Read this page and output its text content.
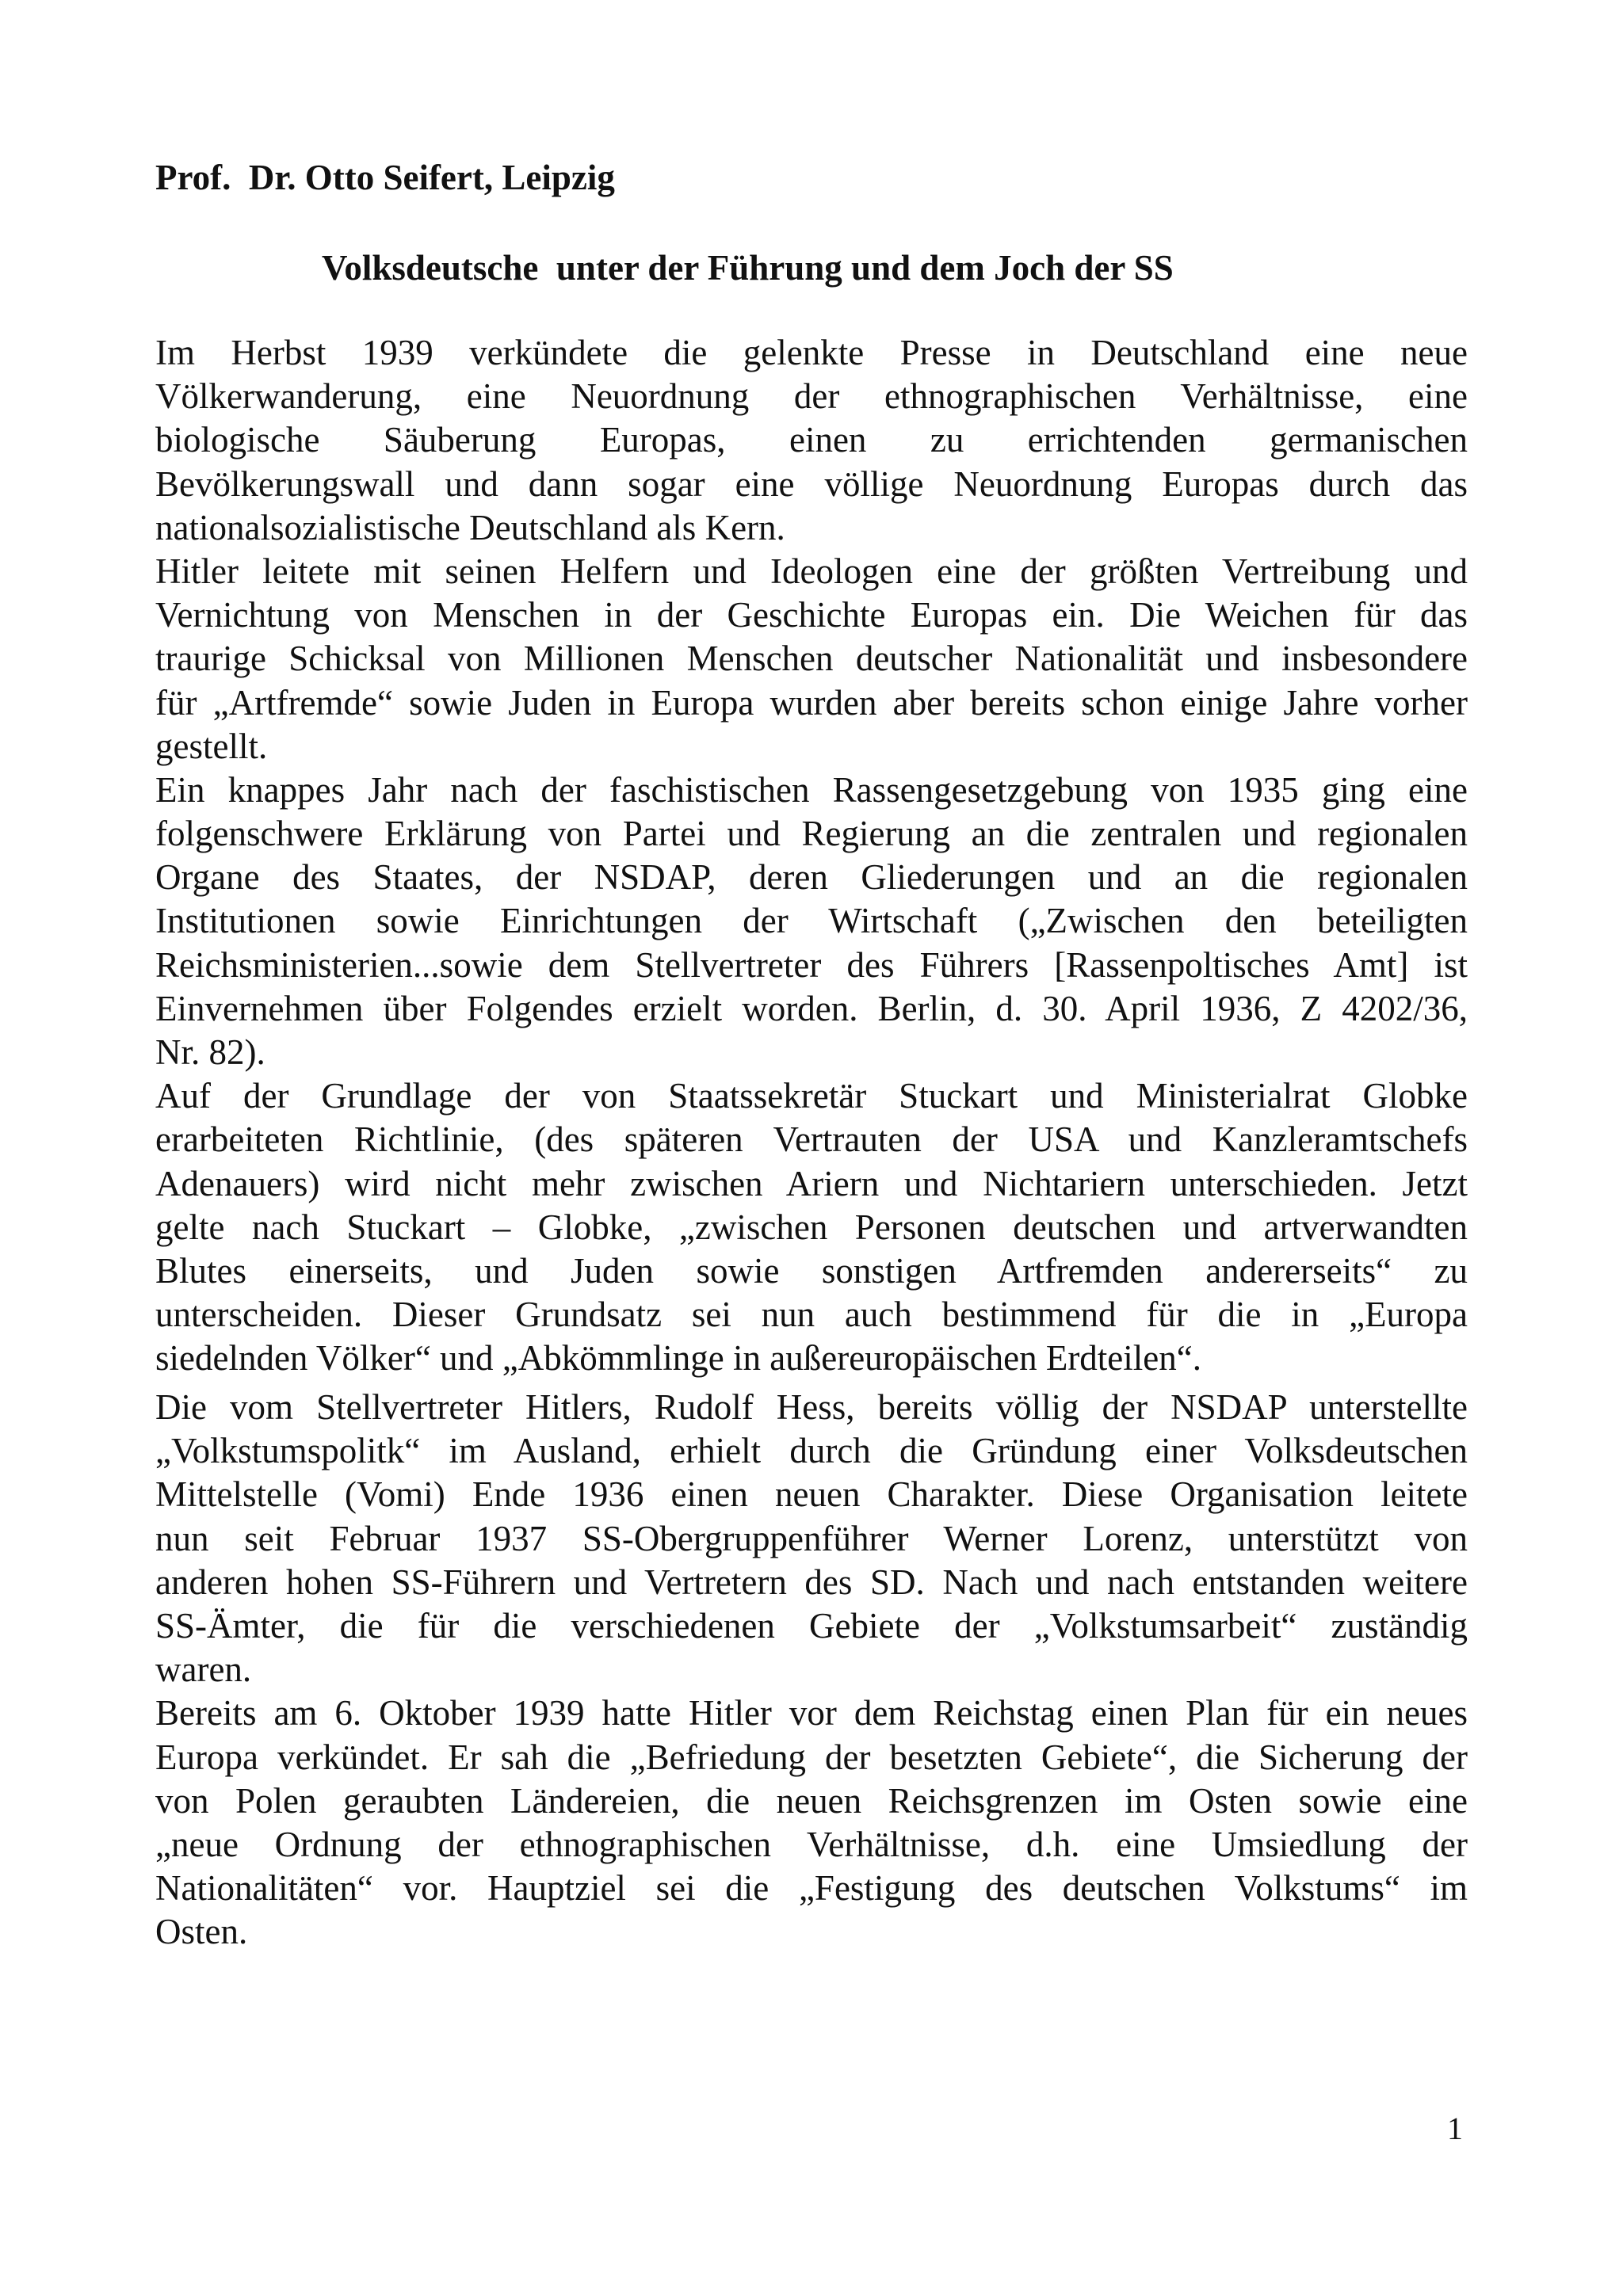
Prof.  Dr. Otto Seifert, Leipzig

Volksdeutsche  unter der Führung und dem Joch der SS

Im Herbst 1939 verkündete die gelenkte Presse in Deutschland eine neue
Völkerwanderung, eine Neuordnung der ethnographischen Verhältnisse, eine
biologische Säuberung Europas, einen zu errichtenden germanischen
Bevölkerungswall und dann sogar eine völlige Neuordnung Europas durch das
nationalsozialistische Deutschland als Kern.
Hitler leitete mit seinen Helfern und Ideologen eine der größten Vertreibung und
Vernichtung von Menschen in der Geschichte Europas ein. Die Weichen für das
traurige Schicksal von Millionen Menschen deutscher Nationalität und insbesondere
für „Artfremde“ sowie Juden in Europa wurden aber bereits schon einige Jahre vorher
gestellt.
Ein knappes Jahr nach der faschistischen Rassengesetzgebung von 1935 ging eine
folgenschwere Erklärung von Partei und Regierung an die zentralen und regionalen
Organe des Staates, der NSDAP, deren Gliederungen und an die regionalen
Institutionen sowie Einrichtungen der Wirtschaft („Zwischen den beteiligten
Reichsministerien...sowie dem Stellvertreter des Führers [Rassenpoltisches Amt] ist
Einvernehmen über Folgendes erzielt worden. Berlin, d. 30. April 1936, Z 4202/36,
Nr. 82).
Auf der Grundlage der von Staatssekretär Stuckart und Ministerialrat Globke
erarbeiteten Richtlinie, (des späteren Vertrauten der USA und Kanzleramtschefs
Adenauers) wird nicht mehr zwischen Ariern und Nichtariern unterschieden. Jetzt
gelte nach Stuckart – Globke, „zwischen Personen deutschen und artverwandten
Blutes einerseits, und Juden sowie sonstigen Artfremden andererseits“ zu
unterscheiden. Dieser Grundsatz sei nun auch bestimmend für die in „Europa
siedelnden Völker“ und „Abkömmlinge in außereuropäischen Erdteilen“.
Die vom Stellvertreter Hitlers, Rudolf Hess, bereits völlig der NSDAP unterstellte
„Volkstumspolitk“ im Ausland, erhielt durch die Gründung einer Volksdeutschen
Mittelstelle (Vomi) Ende 1936 einen neuen Charakter. Diese Organisation leitete
nun seit Februar 1937 SS-Obergruppenführer Werner Lorenz, unterstützt von
anderen hohen SS-Führern und Vertretern des SD. Nach und nach entstanden weitere
SS-Ämter, die für die verschiedenen Gebiete der „Volkstumsarbeit“ zuständig
waren.
Bereits am 6. Oktober 1939 hatte Hitler vor dem Reichstag einen Plan für ein neues
Europa verkündet. Er sah die „Befriedung der besetzten Gebiete“, die Sicherung der
von Polen geraubten Ländereien, die neuen Reichsgrenzen im Osten sowie eine
„neue Ordnung der ethnographischen Verhältnisse, d.h. eine Umsiedlung der
Nationalitäten“ vor. Hauptziel sei die „Festigung des deutschen Volkstums“ im
Osten.

1
